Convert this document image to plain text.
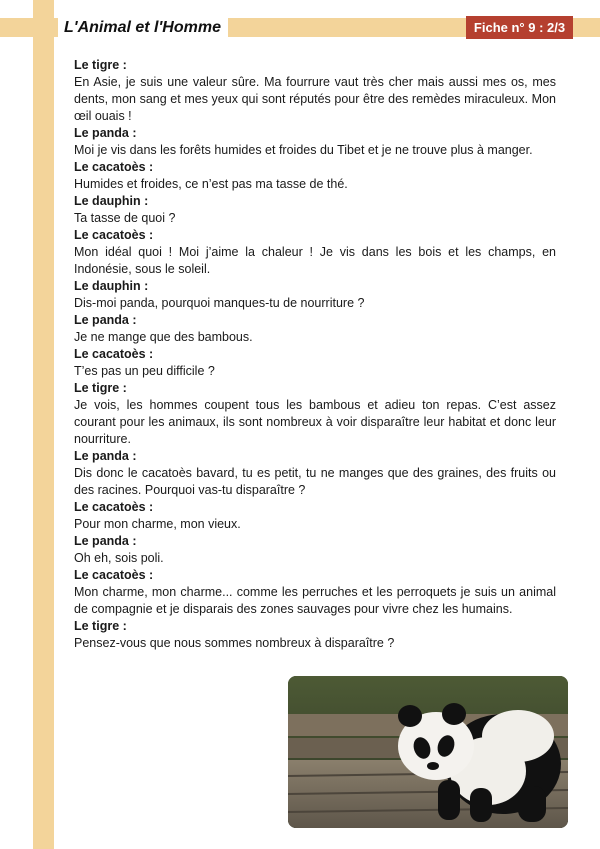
L'Animal et l'Homme	Fiche n° 9 : 2/3

Le tigre :

En Asie, je suis une valeur sûre. Ma fourrure vaut très cher mais aussi mes os, mes dents, mon sang et mes yeux qui sont réputés pour être des remèdes miraculeux. Mon œil ouais !

Le panda :

Moi je vis dans les forêts humides et froides du Tibet et je ne trouve plus à manger.

Le cacatoès :

Humides et froides, ce n’est pas ma tasse de thé.

Le dauphin :

Ta tasse de quoi ?

Le cacatoès :

Mon idéal quoi ! Moi j’aime la chaleur ! Je vis dans les bois et les champs, en Indonésie, sous le soleil.

Le dauphin :

Dis-moi panda, pourquoi manques-tu de nourriture ?

Le panda :

Je ne mange que des bambous.

Le cacatoès :

T’es pas un peu difficile ?

Le tigre :

Je vois, les hommes coupent tous les bambous et adieu ton repas. C’est assez courant pour les animaux, ils sont nombreux à voir disparaître leur habitat et donc leur nourriture.

Le panda :

Dis donc le cacatoès bavard, tu es petit, tu ne manges que des graines, des fruits ou des racines. Pourquoi vas-tu disparaître ?

Le cacatoès :

Pour mon charme, mon vieux.

Le panda :

Oh eh, sois poli.

Le cacatoès :

Mon charme, mon charme... comme les perruches et les perroquets je suis un animal de compagnie et je disparais des zones sauvages pour vivre chez les humains.

Le tigre :

Pensez-vous que nous sommes nombreux à disparaître ?
